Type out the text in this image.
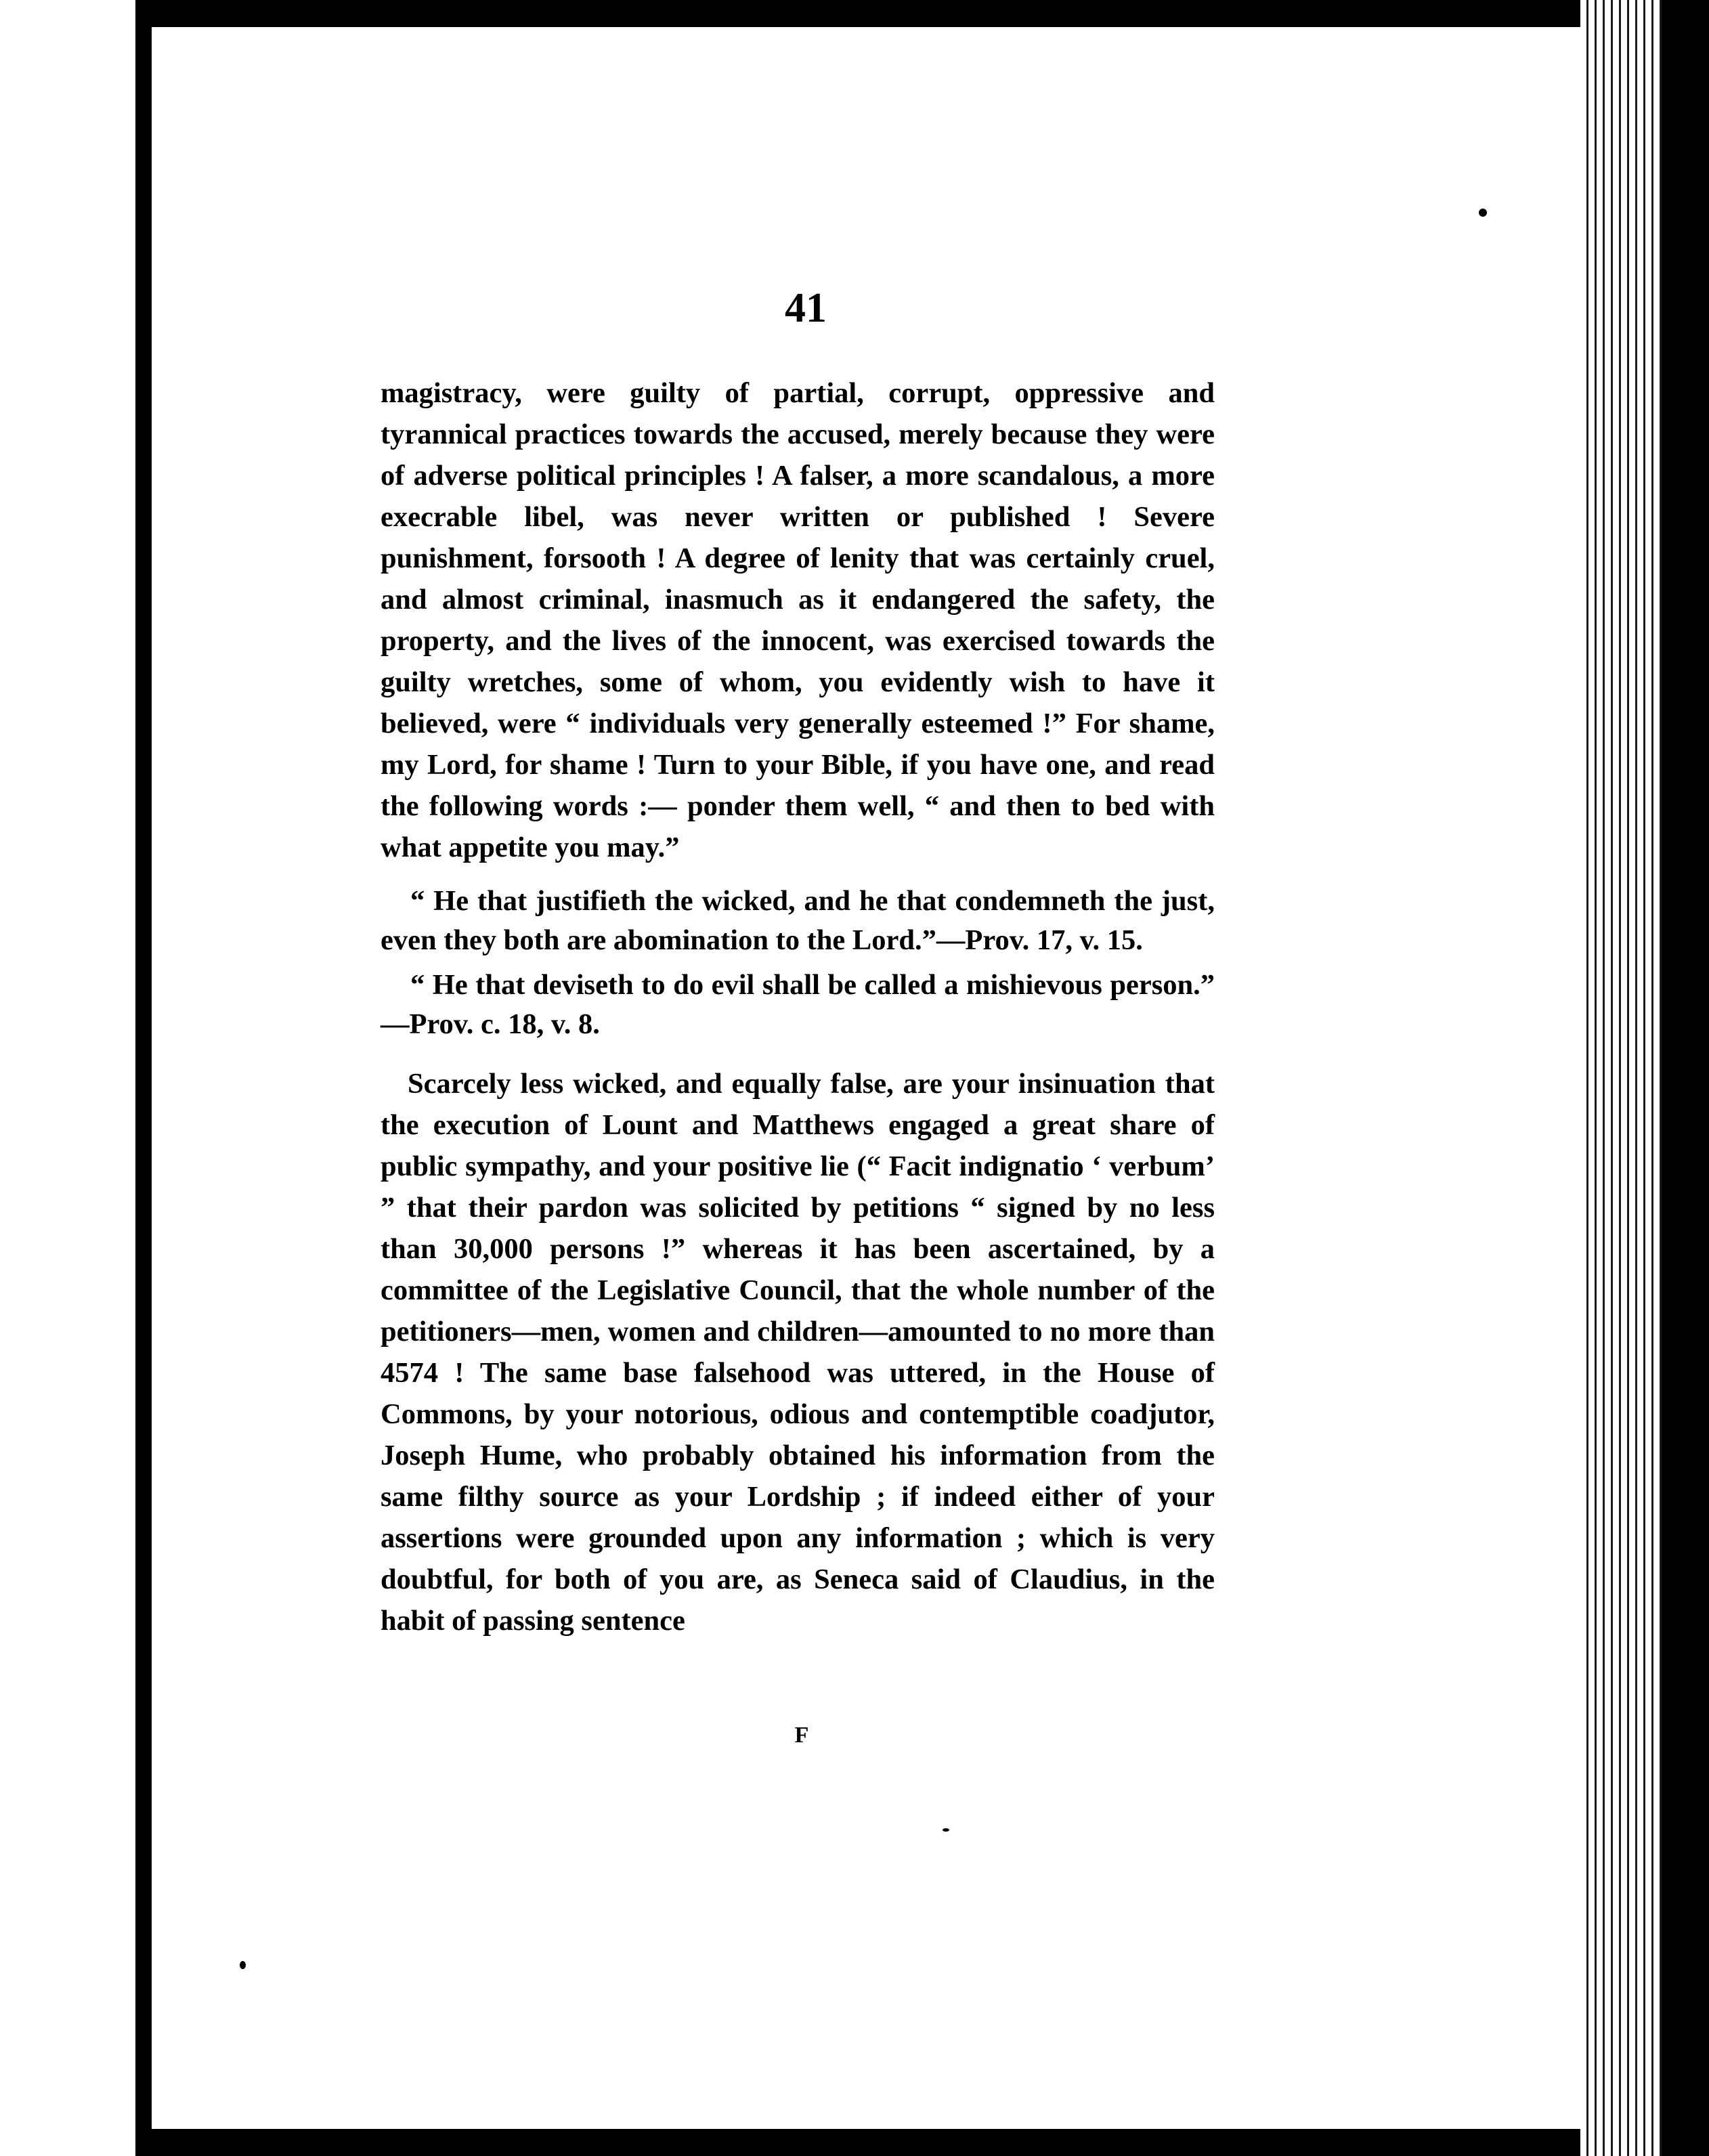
41

magistracy, were guilty of partial, corrupt, oppressive and tyrannical practices towards the accused, merely because they were of adverse political principles ! A falser, a more scandalous, a more execrable libel, was never written or published ! Severe punishment, forsooth ! A degree of lenity that was certainly cruel, and almost criminal, inasmuch as it endangered the safety, the property, and the lives of the innocent, was exercised towards the guilty wretches, some of whom, you evidently wish to have it believed, were “ individuals very generally esteemed !” For shame, my Lord, for shame ! Turn to your Bible, if you have one, and read the following words :— ponder them well, “ and then to bed with what appetite you may.”

“ He that justifieth the wicked, and he that condemneth the just, even they both are abomination to the Lord.”—Prov. 17, v. 15.

“ He that deviseth to do evil shall be called a mishievous person.” —Prov. c. 18, v. 8.

Scarcely less wicked, and equally false, are your insinuation that the execution of Lount and Matthews engaged a great share of public sympathy, and your positive lie (“ Facit indignatio ‘ verbum’ ” that their pardon was solicited by petitions “ signed by no less than 30,000 persons !” whereas it has been ascertained, by a committee of the Legislative Council, that the whole number of the petitioners—men, women and children—amounted to no more than 4574 ! The same base falsehood was uttered, in the House of Commons, by your notorious, odious and contemptible coadjutor, Joseph Hume, who probably obtained his information from the same filthy source as your Lordship ; if indeed either of your assertions were grounded upon any information ; which is very doubtful, for both of you are, as Seneca said of Claudius, in the habit of passing sentence

F
